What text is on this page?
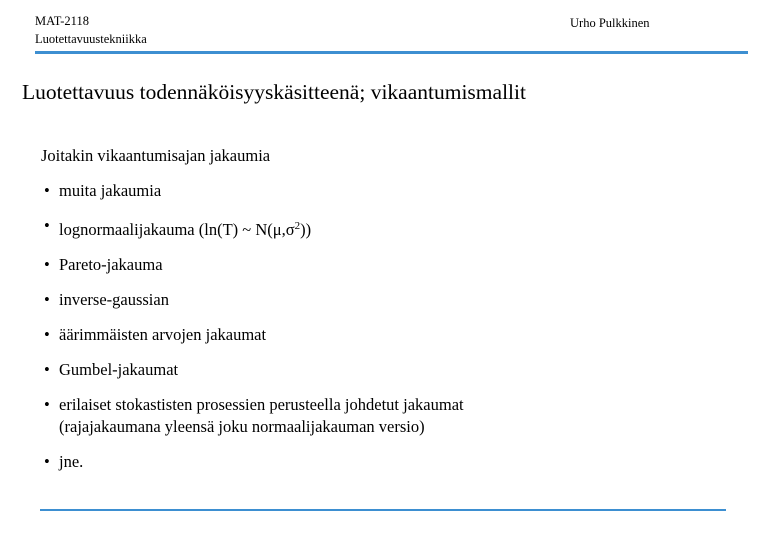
MAT-2118
Luotettavuustekniikka
Urho Pulkkinen
Luotettavuus todennäköisyyskäsitteenä; vikaantumismallit
Joitakin vikaantumisajan jakaumia
• muita jakaumia
• lognormaalijakauma (ln(T) ~ $N(\mu,\sigma^2)$)
• Pareto-jakauma
• inverse-gaussian
• äärimmäisten arvojen jakaumat
• Gumbel-jakaumat
• erilaiset stokastisten prosessien perusteella johdetut jakaumat
(rajajakaumana yleensä joku normaalijakauman versio)
• jne.
